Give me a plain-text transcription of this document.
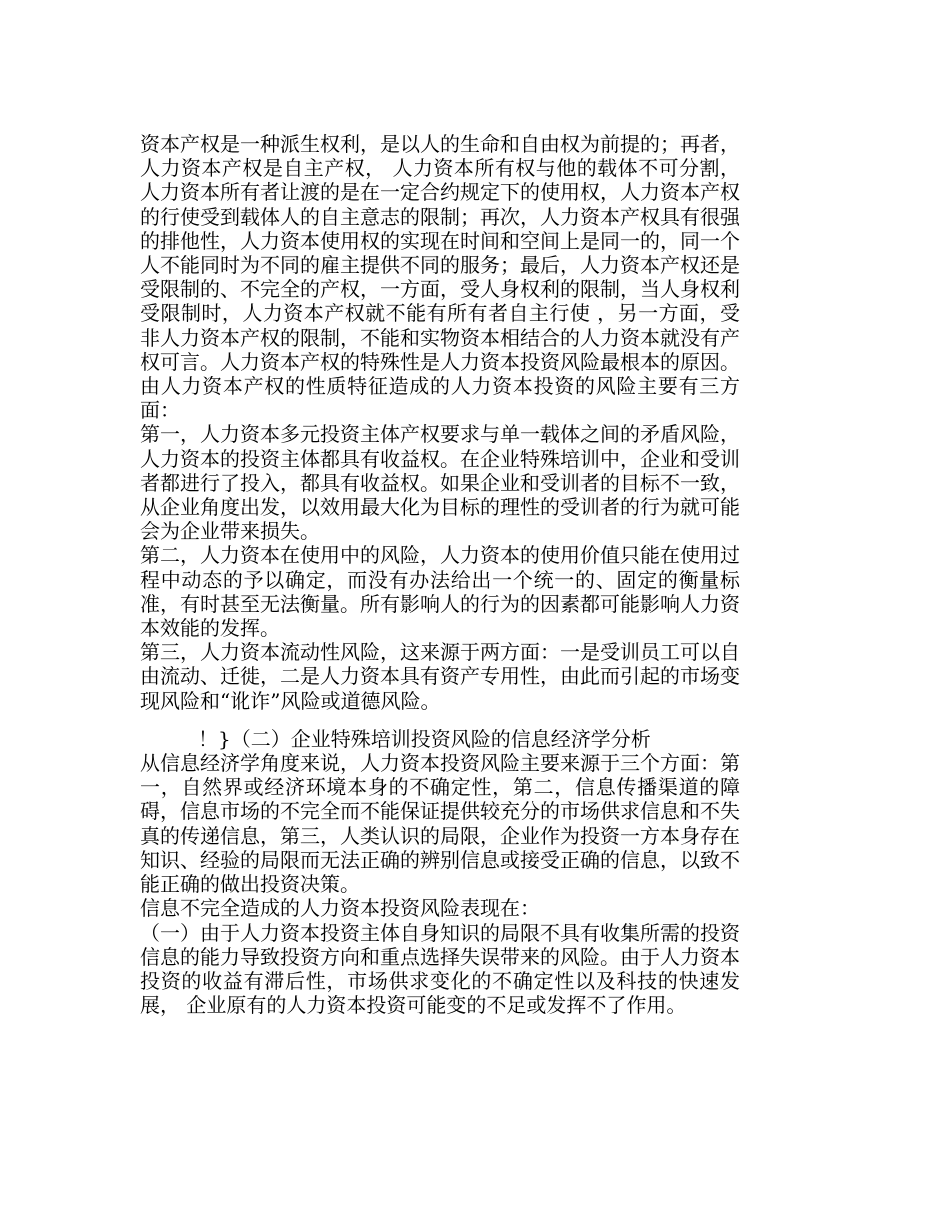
资本产权是一种派生权利，是以人的生命和自由权为前提的；再者，人力资本产权是自主产权， 人力资本所有权与他的载体不可分割，人力资本所有者让渡的是在一定合约规定下的使用权，人力资本产权的行使受到载体人的自主意志的限制；再次，人力资本产权具有很强的排他性，人力资本使用权的实现在时间和空间上是同一的，同一个人不能同时为不同的雇主提供不同的服务；最后，人力资本产权还是受限制的、不完全的产权，一方面，受人身权利的限制，当人身权利受限制时，人力资本产权就不能有所有者自主行使 ，另一方面，受非人力资本产权的限制，不能和实物资本相结合的人力资本就没有产权可言。人力资本产权的特殊性是人力资本投资风险最根本的原因。由人力资本产权的性质特征造成的人力资本投资的风险主要有三方面：

第一，人力资本多元投资主体产权要求与单一载体之间的矛盾风险，人力资本的投资主体都具有收益权。在企业特殊培训中，企业和受训者都进行了投入，都具有收益权。如果企业和受训者的目标不一致，从企业角度出发，以效用最大化为目标的理性的受训者的行为就可能会为企业带来损失。

第二，人力资本在使用中的风险，人力资本的使用价值只能在使用过程中动态的予以确定，而没有办法给出一个统一的、固定的衡量标准，有时甚至无法衡量。所有影响人的行为的因素都可能影响人力资本效能的发挥。

第三，人力资本流动性风险，这来源于两方面：一是受训员工可以自由流动、迁徙，二是人力资本具有资产专用性，由此而引起的市场变现风险和“讹诈”风险或道德风险。

！}（二）企业特殊培训投资风险的信息经济学分析

从信息经济学角度来说，人力资本投资风险主要来源于三个方面：第一，自然界或经济环境本身的不确定性，第二，信息传播渠道的障碍，信息市场的不完全而不能保证提供较充分的市场供求信息和不失真的传递信息，第三，人类认识的局限，企业作为投资一方本身存在知识、经验的局限而无法正确的辨别信息或接受正确的信息，以致不能正确的做出投资决策。

信息不完全造成的人力资本投资风险表现在：

（一）由于人力资本投资主体自身知识的局限不具有收集所需的投资信息的能力导致投资方向和重点选择失误带来的风险。由于人力资本投资的收益有滞后性，市场供求变化的不确定性以及科技的快速发展， 企业原有的人力资本投资可能变的不足或发挥不了作用。
